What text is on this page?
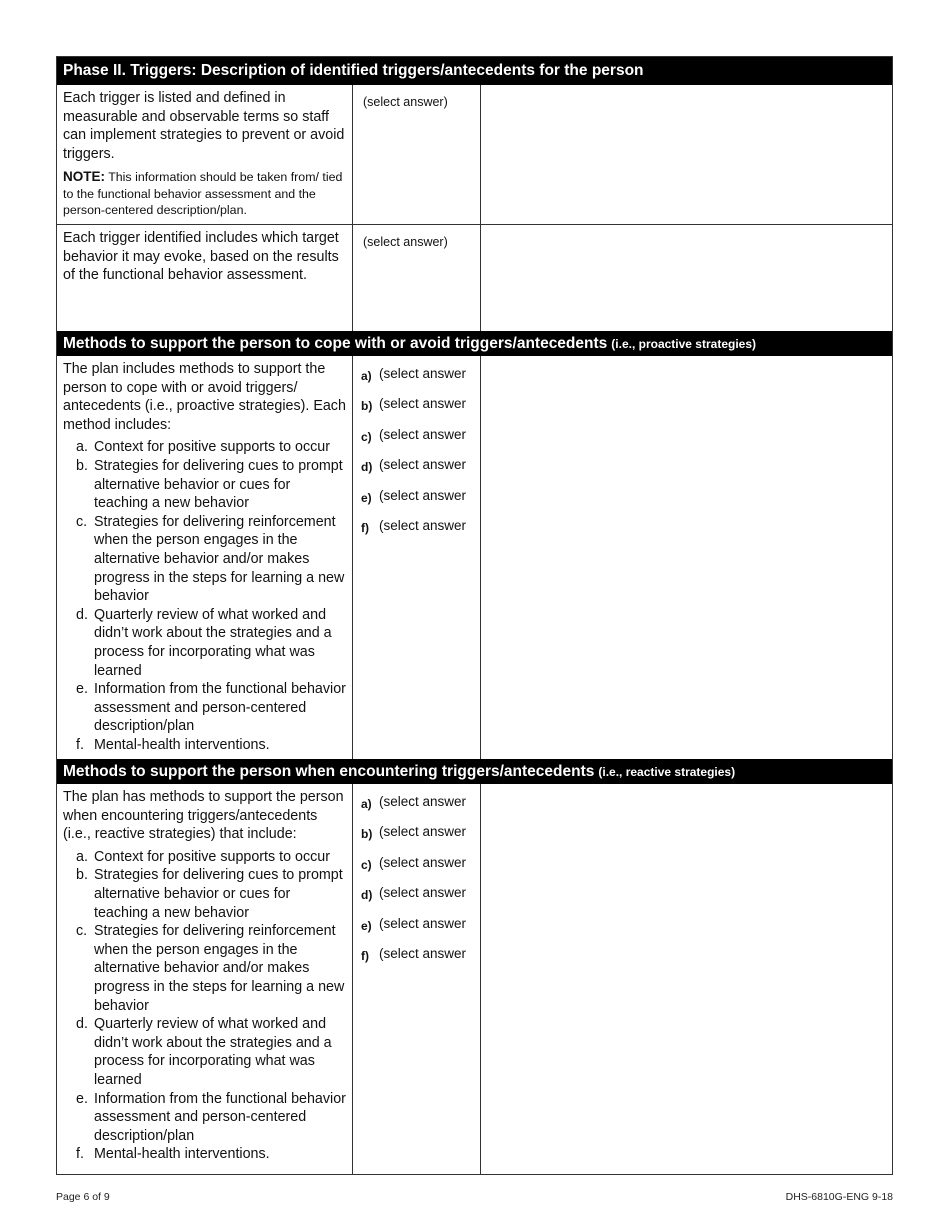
Phase II. Triggers: Description of identified triggers/antecedents for the person
Each trigger is listed and defined in measurable and observable terms so staff can implement strategies to prevent or avoid triggers.
NOTE: This information should be taken from/ tied to the functional behavior assessment and the person-centered description/plan.
(select answer)
Each trigger identified includes which target behavior it may evoke, based on the results of the functional behavior assessment.
(select answer)
Methods to support the person to cope with or avoid triggers/antecedents (i.e., proactive strategies)
The plan includes methods to support the person to cope with or avoid triggers/ antecedents (i.e., proactive strategies). Each method includes:
a. Context for positive supports to occur
b. Strategies for delivering cues to prompt alternative behavior or cues for teaching a new behavior
c. Strategies for delivering reinforcement when the person engages in the alternative behavior and/or makes progress in the steps for learning a new behavior
d. Quarterly review of what worked and didn’t work about the strategies and a process for incorporating what was learned
e. Information from the functional behavior assessment and person-centered description/plan
f. Mental-health interventions.
a) (select answer
b) (select answer
c) (select answer
d) (select answer
e) (select answer
f) (select answer
Methods to support the person when encountering triggers/antecedents (i.e., reactive strategies)
The plan has methods to support the person when encountering triggers/antecedents (i.e., reactive strategies) that include:
a. Context for positive supports to occur
b. Strategies for delivering cues to prompt alternative behavior or cues for teaching a new behavior
c. Strategies for delivering reinforcement when the person engages in the alternative behavior and/or makes progress in the steps for learning a new behavior
d. Quarterly review of what worked and didn’t work about the strategies and a process for incorporating what was learned
e. Information from the functional behavior assessment and person-centered description/plan
f. Mental-health interventions.
a) (select answer
b) (select answer
c) (select answer
d) (select answer
e) (select answer
f) (select answer
Page 6 of 9	DHS-6810G-ENG 9-18
